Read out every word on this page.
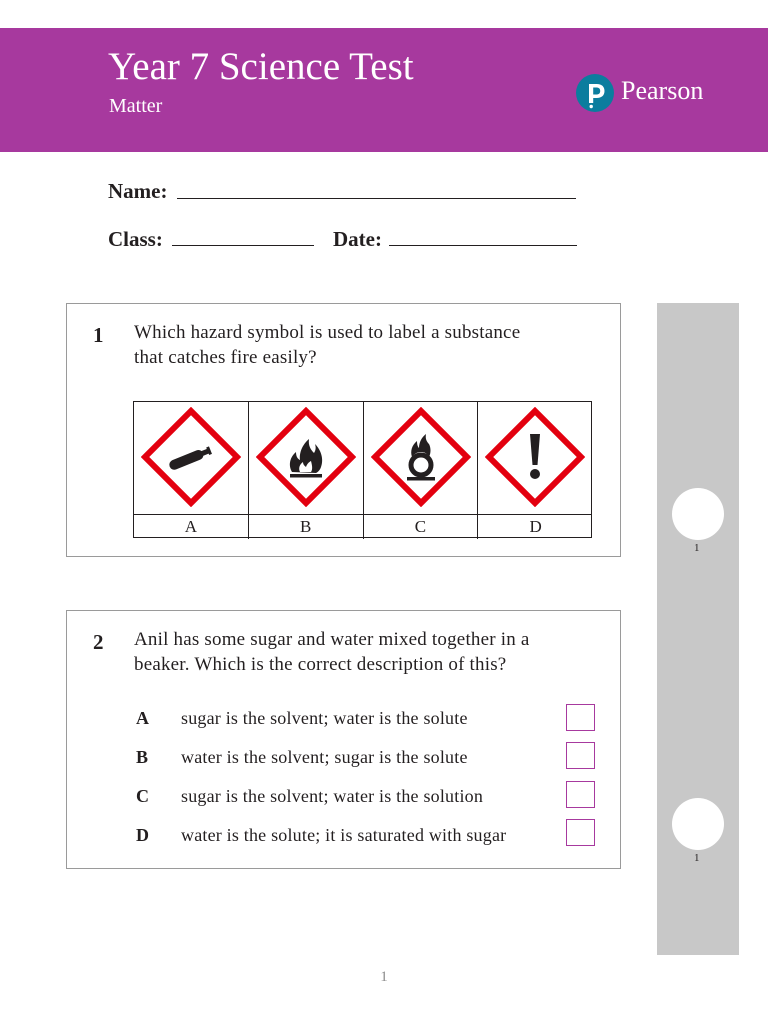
Year 7 Science Test
Matter
Pearson
Name:
Class:	Date:
1
1
1 Which hazard symbol is used to label a substance
that catches fire easily?
A	B	C	D
2 Anil has some sugar and water mixed together in a
beaker. Which is the correct description of this?
A sugar is the solvent; water is the solute
B water is the solvent; sugar is the solute
C sugar is the solvent; water is the solution
D water is the solute; it is saturated with sugar
1
